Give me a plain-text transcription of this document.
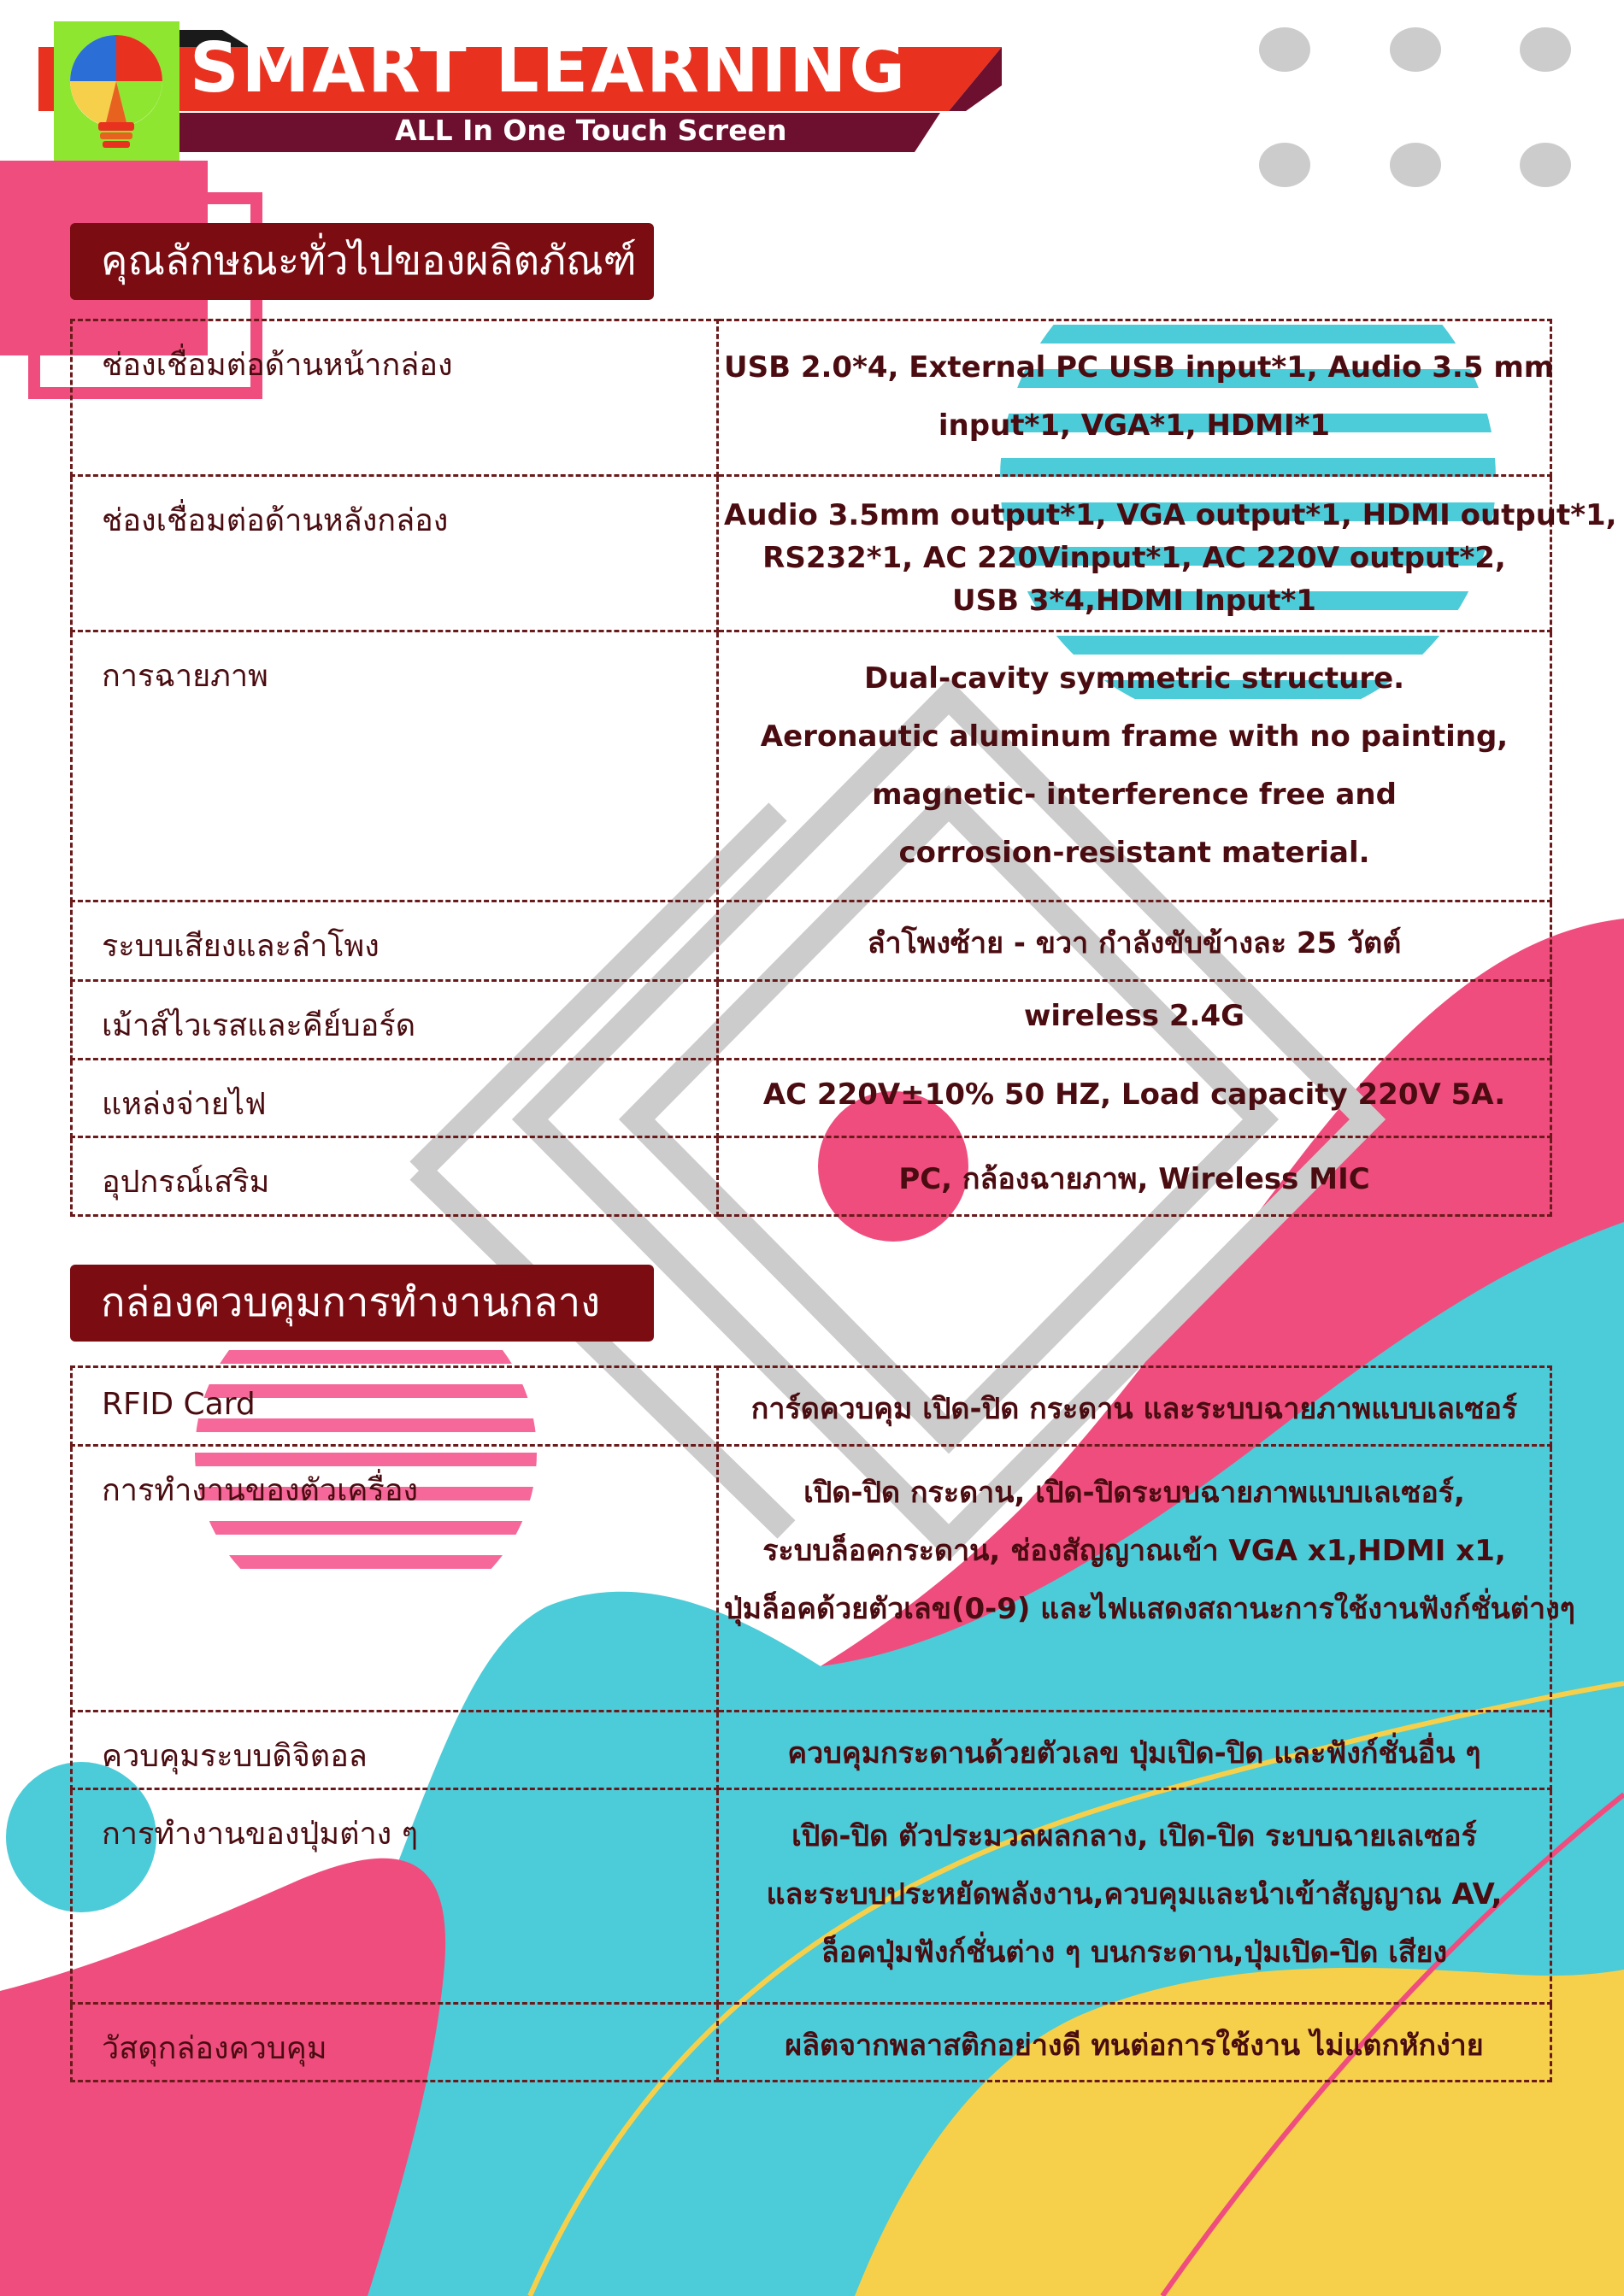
SMART LEARNING
ALL In One Touch Screen
คุณลักษณะทั่วไปของผลิตภัณฑ์
ช่องเชื่อมต่อด้านหน้ากล่อง	USB 2.0*4, External PC USB input*1, Audio 3.5 mm
input*1, VGA*1, HDMI*1

ช่องเชื่อมต่อด้านหลังกล่อง	Audio 3.5mm output*1, VGA output*1, HDMI output*1,
RS232*1, AC 220Vinput*1, AC 220V output*2,
USB 3*4,HDMI Input*1

การฉายภาพ	Dual-cavity symmetric structure.
Aeronautic aluminum frame with no painting,
magnetic- interference free and
corrosion-resistant material.

ระบบเสียงและลำโพง	ลำโพงซ้าย - ขวา กำลังขับข้างละ 25 วัตต์

เม้าส์ไวเรสและคีย์บอร์ด	wireless 2.4G

แหล่งจ่ายไฟ	AC 220V±10% 50 HZ, Load capacity 220V 5A.

อุปกรณ์เสริม	PC, กล้องฉายภาพ, Wireless MIC
กล่องควบคุมการทำงานกลาง
RFID Card	การ์ดควบคุม เปิด-ปิด กระดาน และระบบฉายภาพแบบเลเซอร์

การทำงานของตัวเครื่อง	เปิด-ปิด กระดาน, เปิด-ปิดระบบฉายภาพแบบเลเซอร์,
ระบบล็อคกระดาน, ช่องสัญญาณเข้า VGA x1,HDMI x1,
ปุ่มล็อคด้วยตัวเลข(0-9) และไฟแสดงสถานะการใช้งานฟังก์ชั่นต่างๆ

ควบคุมระบบดิจิตอล	ควบคุมกระดานด้วยตัวเลข ปุ่มเปิด-ปิด และฟังก์ชั่นอื่น ๆ

การทำงานของปุ่มต่าง ๆ	เปิด-ปิด ตัวประมวลผลกลาง, เปิด-ปิด ระบบฉายเลเซอร์
และระบบประหยัดพลังงาน,ควบคุมและนำเข้าสัญญาณ AV,
ล็อคปุ่มฟังก์ชั่นต่าง ๆ บนกระดาน,ปุ่มเปิด-ปิด เสียง

วัสดุกล่องควบคุม	ผลิตจากพลาสติกอย่างดี ทนต่อการใช้งาน ไม่แตกหักง่าย
